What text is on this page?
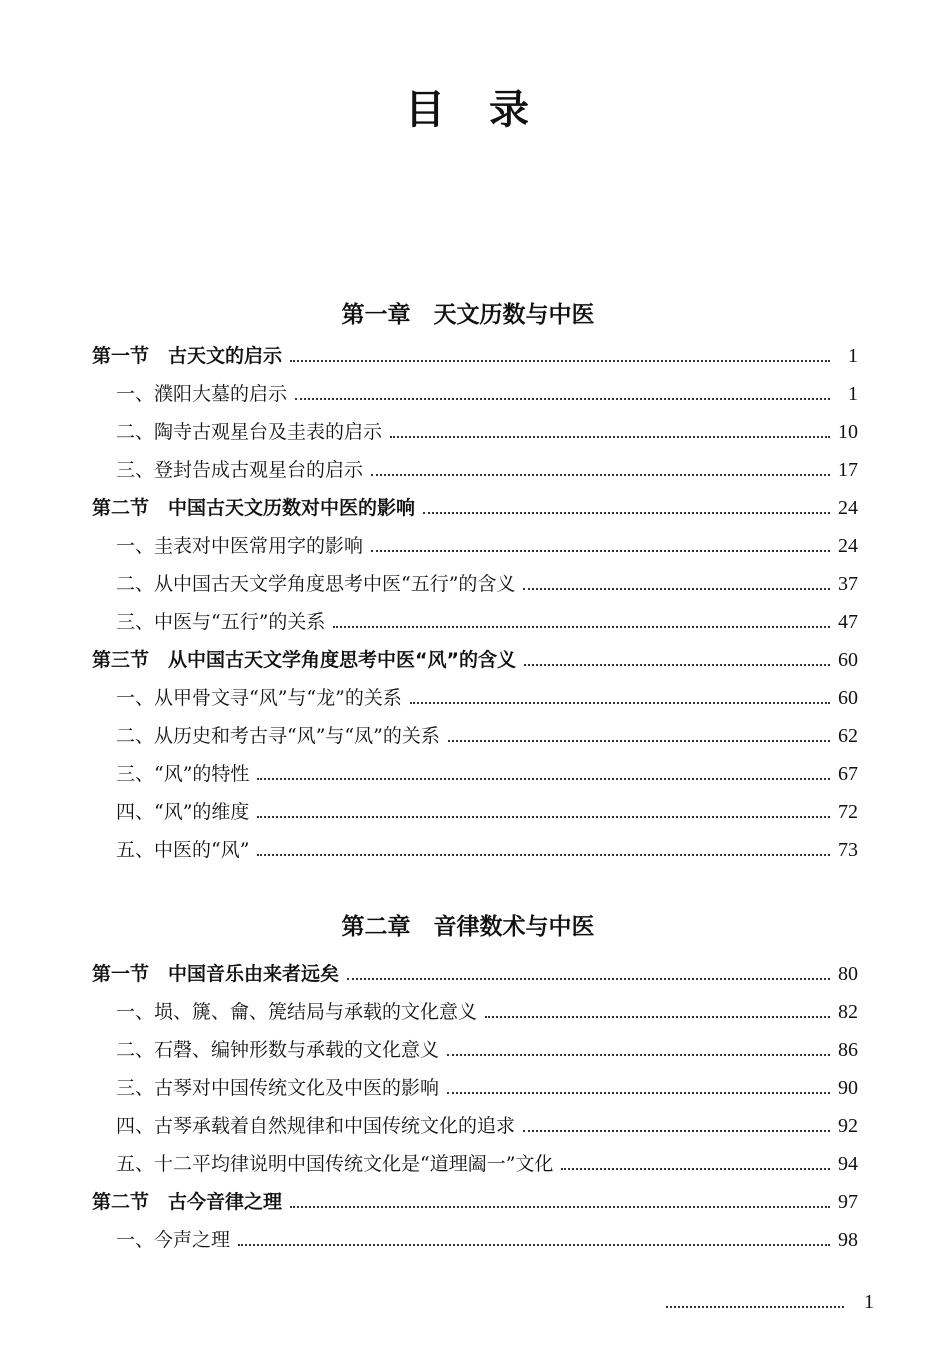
目　录
第一章　天文历数与中医
第一节　古天文的启示	1
一、濮阳大墓的启示	1
二、陶寺古观星台及圭表的启示	10
三、登封告成古观星台的启示	17
第二节　中国古天文历数对中医的影响	24
一、圭表对中医常用字的影响	24
二、从中国古天文学角度思考中医“五行”的含义	37
三、中医与“五行”的关系	47
第三节　从中国古天文学角度思考中医“风”的含义	60
一、从甲骨文寻“风”与“龙”的关系	60
二、从历史和考古寻“风”与“凤”的关系	62
三、“风”的特性	67
四、“风”的维度	72
五、中医的“风”	73
第二章　音律数术与中医
第一节　中国音乐由来者远矣	80
一、埙、篪、龠、箎结局与承载的文化意义	82
二、石磬、编钟形数与承载的文化意义	86
三、古琴对中国传统文化及中医的影响	90
四、古琴承载着自然规律和中国传统文化的追求	92
五、十二平均律说明中国传统文化是“道理阖一”文化	94
第二节　古今音律之理	97
一、今声之理	98
1
